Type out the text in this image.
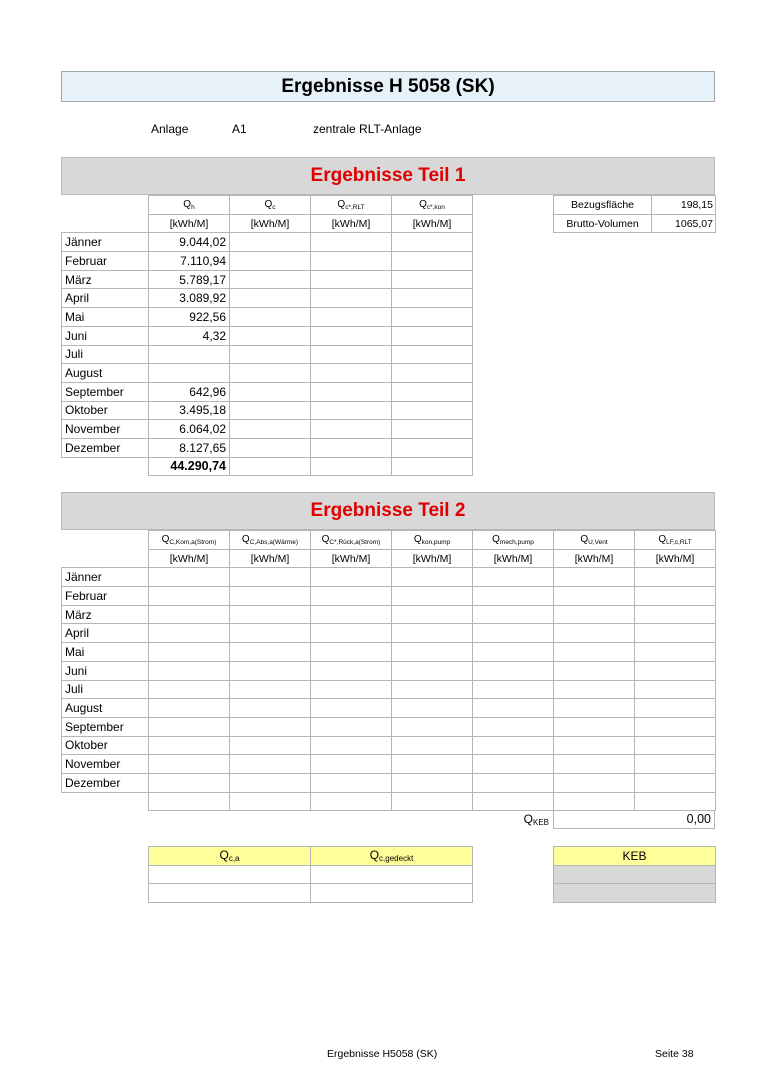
Ergebnisse H 5058 (SK)
Anlage	A1	zentrale RLT-Anlage
Ergebnisse Teil 1
	$Q_h$	$Q_c$	$Q_{c*,RLT}$	$Q_{c*,kon}$
	[kWh/M]	[kWh/M]	[kWh/M]	[kWh/M]
Jänner	9.044,02			
Februar	7.110,94			
März	5.789,17			
April	3.089,92			
Mai	922,56			
Juni	4,32			
Juli				
August				
September	642,96			
Oktober	3.495,18			
November	6.064,02			
Dezember	8.127,65			
	44.290,74			
Bezugsfläche	198,15
Brutto-Volumen	1065,07
Ergebnisse Teil 2
	$Q_{C,Kom,a(Strom)}$	$Q_{C,Abs,a(Wärme)}$	$Q_{C*,Rück,a(Strom)}$	$Q_{kon,pump}$	$Q_{mech,pump}$	$Q_{U,Vent}$	$Q_{LF,c,RLT}$
	[kWh/M]	[kWh/M]	[kWh/M]	[kWh/M]	[kWh/M]	[kWh/M]	[kWh/M]
Jänner							
Februar							
März							
April							
Mai							
Juni							
Juli							
August							
September							
Oktober							
November							
Dezember							

$Q_{KEB}$	0,00
$Q_{c,a}$	$Q_{c,gedeckt}$

		KEB

Ergebnisse H5058 (SK)	Seite 38
